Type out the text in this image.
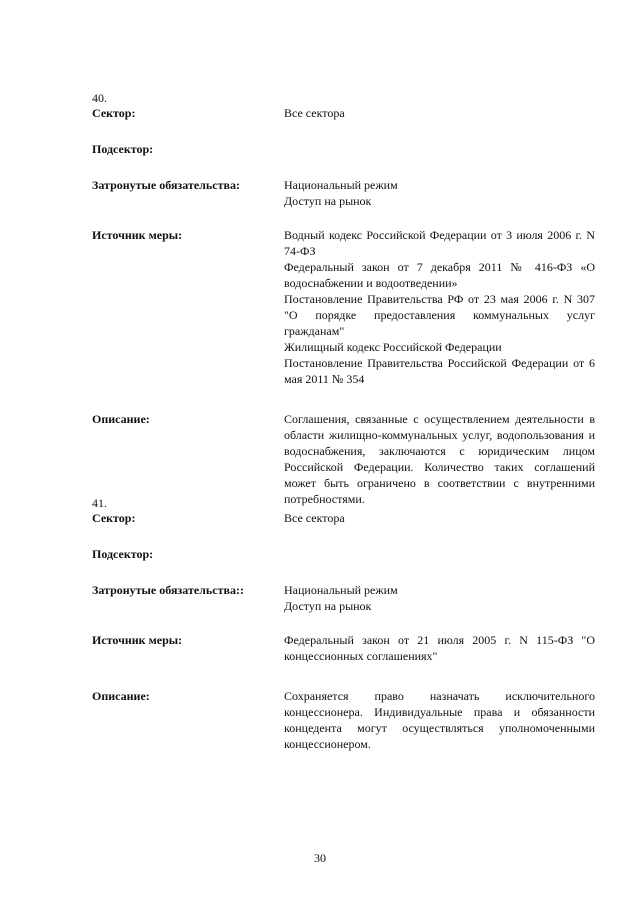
40.
Сектор:	Все сектора
Подсектор:
Затронутые обязательства:	Национальный режим
Доступ на рынок
Источник меры:	Водный кодекс Российской Федерации от 3 июля 2006 г. N 74-ФЗ
Федеральный закон от 7 декабря 2011 № 416-ФЗ «О водоснабжении и водоотведении»
Постановление Правительства РФ от 23 мая 2006 г. N 307 "О порядке предоставления коммунальных услуг гражданам"
Жилищный кодекс Российской Федерации
Постановление Правительства Российской Федерации от 6 мая 2011 № 354
Описание:	Соглашения, связанные с осуществлением деятельности в области жилищно-коммунальных услуг, водопользования и водоснабжения, заключаются с юридическим лицом Российской Федерации. Количество таких соглашений может быть ограничено в соответствии с внутренними потребностями.
41.
Сектор:	Все сектора
Подсектор:
Затронутые обязательства::	Национальный режим
Доступ на рынок
Источник меры:	Федеральный закон от 21 июля 2005 г. N 115-ФЗ "О концессионных соглашениях"
Описание:	Сохраняется право назначать исключительного концессионера. Индивидуальные права и обязанности концедента могут осуществляться уполномоченными концессионером.
30
